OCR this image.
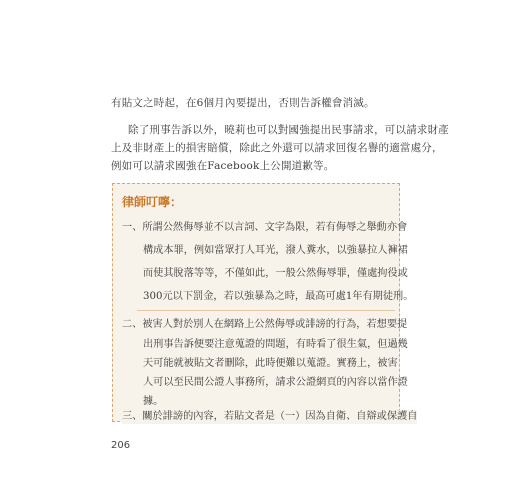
有貼文之時起，在6個月內要提出，否則告訴權會消滅。
除了刑事告訴以外，曉莉也可以對國強提出民事請求，可以請求財產
上及非財產上的損害賠償，除此之外還可以請求回復名譽的適當處分，
例如可以請求國強在Facebook上公開道歉等。
律師叮嚀：
一、所謂公然侮辱並不以言詞、文字為限，若有侮辱之舉動亦會
構成本罪，例如當眾打人耳光，潑人糞水，以強暴拉人褲裙
而使其脫落等等，不僅如此，一般公然侮辱罪，僅處拘役或
300元以下罰金，若以強暴為之時，最高可處1年有期徒刑。
二、被害人對於別人在網路上公然侮辱或誹謗的行為，若想要提
出刑事告訴便要注意蒐證的問題，有時看了很生氣，但過幾
天可能就被貼文者刪除，此時便難以蒐證。實務上，被害
人可以至民間公證人事務所，請求公證網頁的內容以當作證
據。
三、關於誹謗的內容，若貼文者是（一）因為自衛、自辯或保護自
206
